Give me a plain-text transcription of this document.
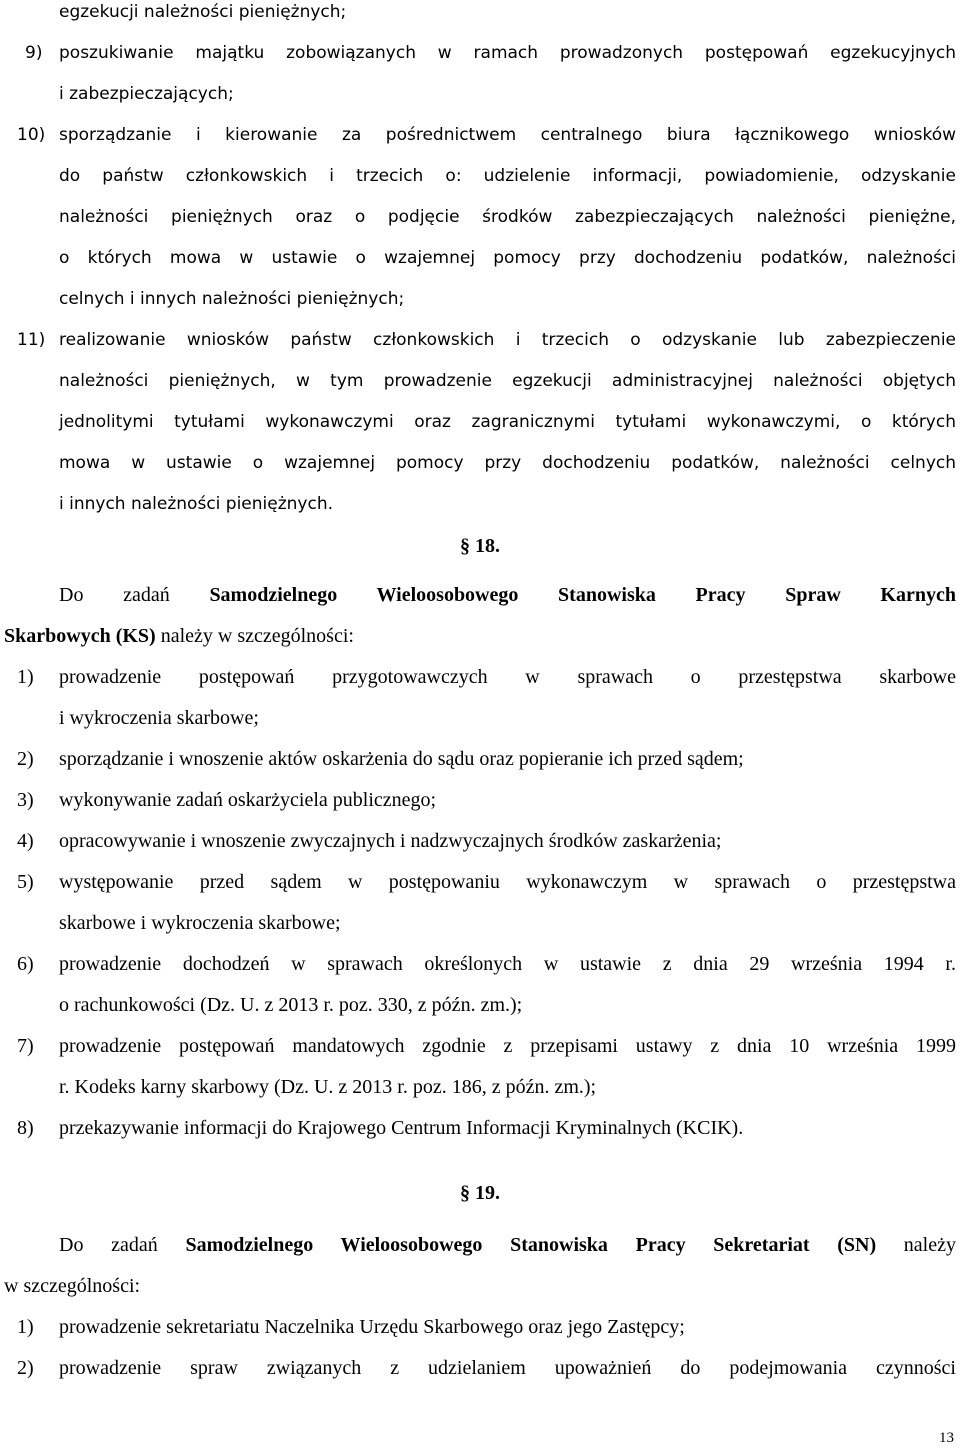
egzekucji należności pieniężnych;
9) poszukiwanie majątku zobowiązanych w ramach prowadzonych postępowań egzekucyjnych
i zabezpieczających;
10) sporządzanie i kierowanie za pośrednictwem centralnego biura łącznikowego wniosków
do państw członkowskich i trzecich o: udzielenie informacji, powiadomienie, odzyskanie
należności pieniężnych oraz o podjęcie środków zabezpieczających należności pieniężne,
o których mowa w ustawie o wzajemnej pomocy przy dochodzeniu podatków, należności
celnych i innych należności pieniężnych;
11) realizowanie wniosków państw członkowskich i trzecich o odzyskanie lub zabezpieczenie
należności pieniężnych, w tym prowadzenie egzekucji administracyjnej należności objętych
jednolitymi tytułami wykonawczymi oraz zagranicznymi tytułami wykonawczymi, o których
mowa w ustawie o wzajemnej pomocy przy dochodzeniu podatków, należności celnych
i innych należności pieniężnych.
§ 18.
Do zadań Samodzielnego Wieloosobowego Stanowiska Pracy Spraw Karnych
Skarbowych (KS) należy w szczególności:
1) prowadzenie postępowań przygotowawczych w sprawach o przestępstwa skarbowe
i wykroczenia skarbowe;
2) sporządzanie i wnoszenie aktów oskarżenia do sądu oraz popieranie ich przed sądem;
3) wykonywanie zadań oskarżyciela publicznego;
4) opracowywanie i wnoszenie zwyczajnych i nadzwyczajnych środków zaskarżenia;
5) występowanie przed sądem w postępowaniu wykonawczym w sprawach o przestępstwa
skarbowe i wykroczenia skarbowe;
6) prowadzenie dochodzeń w sprawach określonych w ustawie z dnia 29 września 1994 r.
o rachunkowości (Dz. U. z 2013 r. poz. 330, z późn. zm.);
7) prowadzenie postępowań mandatowych zgodnie z przepisami ustawy z dnia 10 września 1999
r. Kodeks karny skarbowy (Dz. U. z 2013 r. poz. 186, z późn. zm.);
8) przekazywanie informacji do Krajowego Centrum Informacji Kryminalnych (KCIK).
§ 19.
Do zadań Samodzielnego Wieloosobowego Stanowiska Pracy Sekretariat (SN) należy
w szczególności:
1) prowadzenie sekretariatu Naczelnika Urzędu Skarbowego oraz jego Zastępcy;
2) prowadzenie spraw związanych z udzielaniem upoważnień do podejmowania czynności
13
